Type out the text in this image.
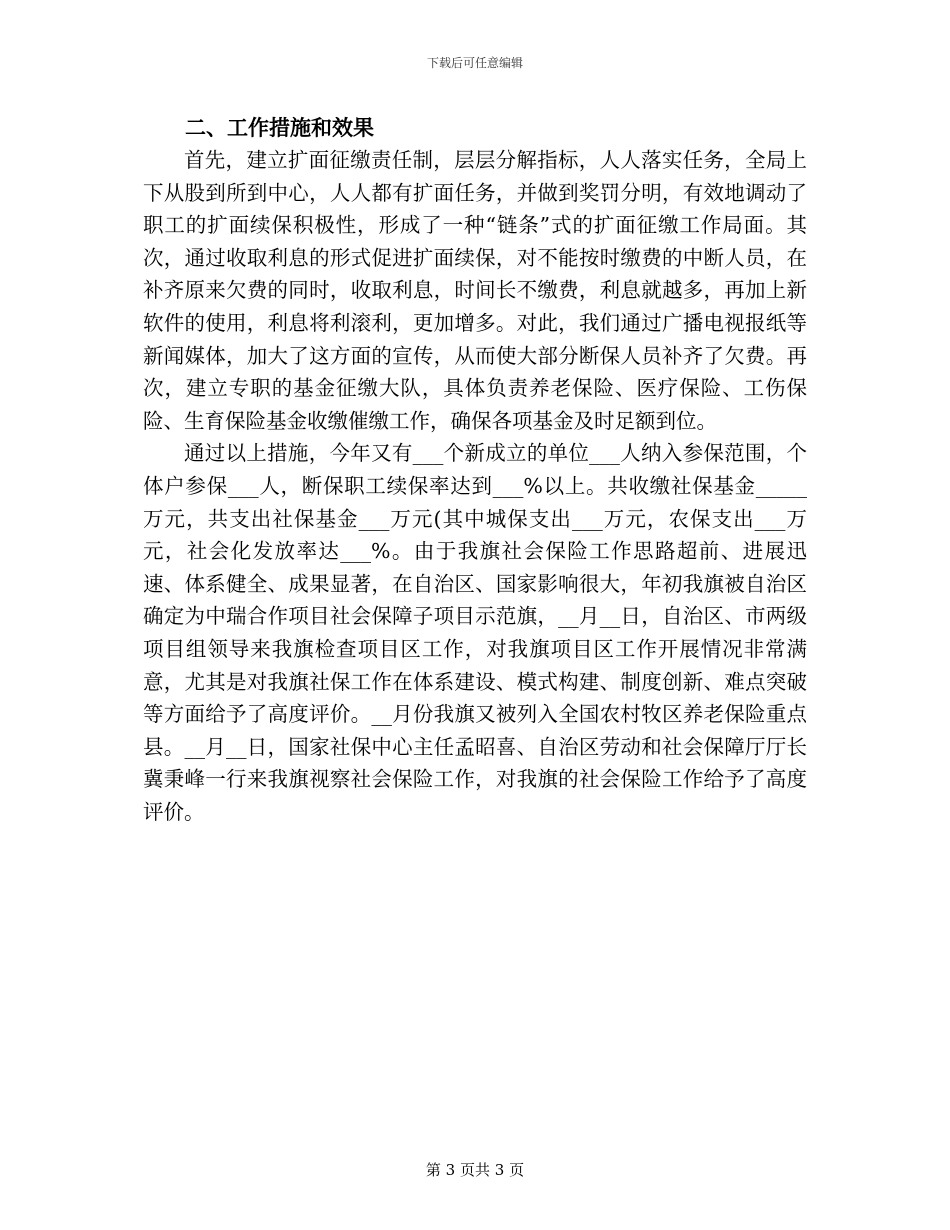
下载后可任意编辑
二、工作措施和效果

首先，建立扩面征缴责任制，层层分解指标，人人落实任务，全局上下从股到所到中心，人人都有扩面任务，并做到奖罚分明，有效地调动了职工的扩面续保积极性，形成了一种“链条”式的扩面征缴工作局面。其次，通过收取利息的形式促进扩面续保，对不能按时缴费的中断人员，在补齐原来欠费的同时，收取利息，时间长不缴费，利息就越多，再加上新软件的使用，利息将利滚利，更加增多。对此，我们通过广播电视报纸等新闻媒体，加大了这方面的宣传，从而使大部分断保人员补齐了欠费。再次，建立专职的基金征缴大队，具体负责养老保险、医疗保险、工伤保险、生育保险基金收缴催缴工作，确保各项基金及时足额到位。

通过以上措施，今年又有___个新成立的单位___人纳入参保范围，个体户参保___人，断保职工续保率达到___%以上。共收缴社保基金_____万元，共支出社保基金___万元(其中城保支出___万元，农保支出___万元，社会化发放率达___%。由于我旗社会保险工作思路超前、进展迅速、体系健全、成果显著，在自治区、国家影响很大，年初我旗被自治区确定为中瑞合作项目社会保障子项目示范旗，__月__日，自治区、市两级项目组领导来我旗检查项目区工作，对我旗项目区工作开展情况非常满意，尤其是对我旗社保工作在体系建设、模式构建、制度创新、难点突破等方面给予了高度评价。__月份我旗又被列入全国农村牧区养老保险重点县。__月__日，国家社保中心主任孟昭喜、自治区劳动和社会保障厅厅长冀秉峰一行来我旗视察社会保险工作，对我旗的社会保险工作给予了高度评价。

第 3 页共 3 页
